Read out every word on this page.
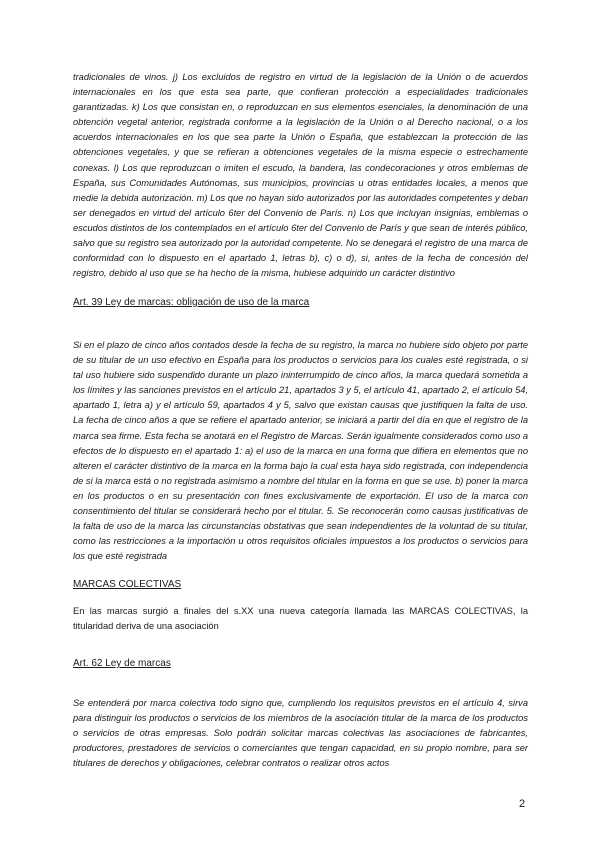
tradicionales de vinos. j) Los excluidos de registro en virtud de la legislación de la Unión o de acuerdos internacionales en los que esta sea parte, que confieran protección a especialidades tradicionales garantizadas. k) Los que consistan en, o reproduzcan en sus elementos esenciales, la denominación de una obtención vegetal anterior, registrada conforme a la legislación de la Unión o al Derecho nacional, o a los acuerdos internacionales en los que sea parte la Unión o España, que establezcan la protección de las obtenciones vegetales, y que se refieran a obtenciones vegetales de la misma especie o estrechamente conexas. l) Los que reproduzcan o imiten el escudo, la bandera, las condecoraciones y otros emblemas de España, sus Comunidades Autónomas, sus municipios, provincias u otras entidades locales, a menos que medie la debida autorización. m) Los que no hayan sido autorizados por las autoridades competentes y deban ser denegados en virtud del artículo 6ter del Convenio de París. n) Los que incluyan insignias, emblemas o escudos distintos de los contemplados en el artículo 6ter del Convenio de París y que sean de interés público, salvo que su registro sea autorizado por la autoridad competente. No se denegará el registro de una marca de conformidad con lo dispuesto en el apartado 1, letras b), c) o d), si, antes de la fecha de concesión del registro, debido al uso que se ha hecho de la misma, hubiese adquirido un carácter distintivo

Art. 39 Ley de marcas: obligación de uso de la marca

Si en el plazo de cinco años contados desde la fecha de su registro, la marca no hubiere sido objeto por parte de su titular de un uso efectivo en España para los productos o servicios para los cuales esté registrada, o si tal uso hubiere sido suspendido durante un plazo ininterrumpido de cinco años, la marca quedará sometida a los límites y las sanciones previstos en el artículo 21, apartados 3 y 5, el artículo 41, apartado 2, el artículo 54, apartado 1, letra a) y el artículo 59, apartados 4 y 5, salvo que existan causas que justifiquen la falta de uso. La fecha de cinco años a que se refiere el apartado anterior, se iniciará a partir del día en que el registro de la marca sea firme. Esta fecha se anotará en el Registro de Marcas. Serán igualmente considerados como uso a efectos de lo dispuesto en el apartado 1: a) el uso de la marca en una forma que difiera en elementos que no alteren el carácter distintivo de la marca en la forma bajo la cual esta haya sido registrada, con independencia de si la marca está o no registrada asimismo a nombre del titular en la forma en que se use. b) poner la marca en los productos o en su presentación con fines exclusivamente de exportación. El uso de la marca con consentimiento del titular se considerará hecho por el titular. 5. Se reconocerán como causas justificativas de la falta de uso de la marca las circunstancias obstativas que sean independientes de la voluntad de su titular, como las restricciones a la importación u otros requisitos oficiales impuestos a los productos o servicios para los que esté registrada

MARCAS COLECTIVAS

En las marcas surgió a finales del s.XX una nueva categoría llamada las MARCAS COLECTIVAS, la titularidad deriva de una asociación

Art. 62 Ley de marcas

Se entenderá por marca colectiva todo signo que, cumpliendo los requisitos previstos en el artículo 4, sirva para distinguir los productos o servicios de los miembros de la asociación titular de la marca de los productos o servicios de otras empresas. Solo podrán solicitar marcas colectivas las asociaciones de fabricantes, productores, prestadores de servicios o comerciantes que tengan capacidad, en su propio nombre, para ser titulares de derechos y obligaciones, celebrar contratos o realizar otros actos

2
